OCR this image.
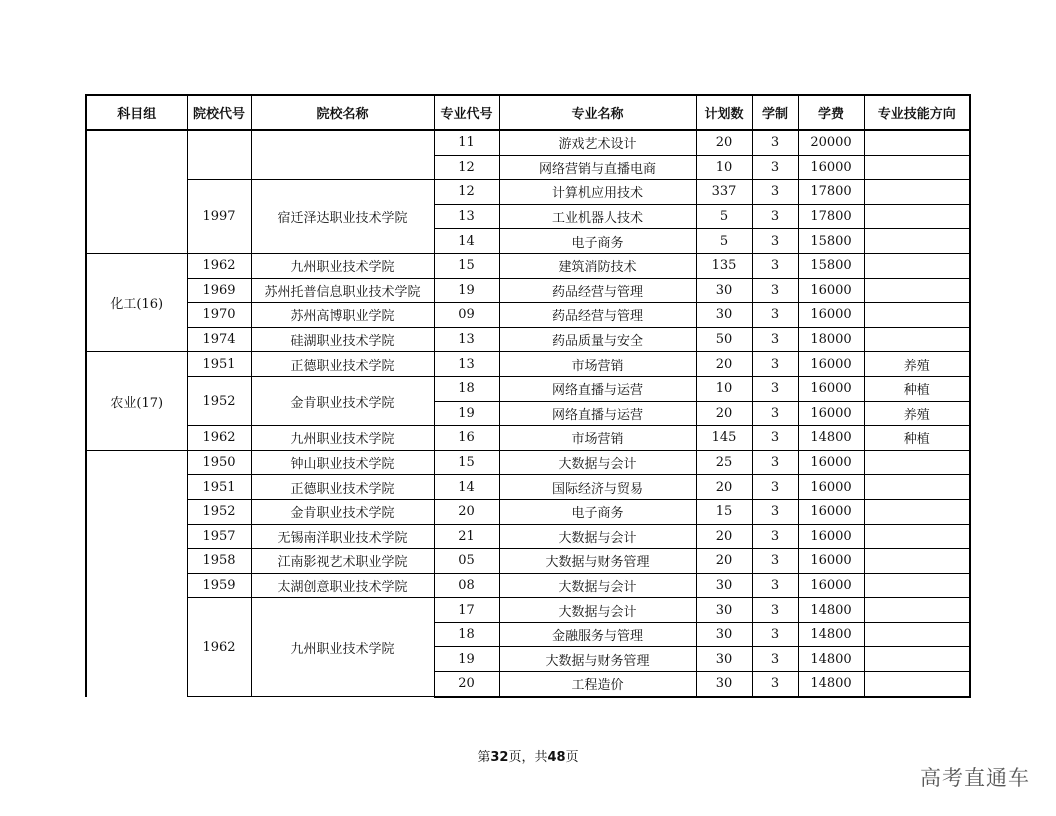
科目组	院校代号	院校名称	专业代号	专业名称	计划数	学制	学费	专业技能方向
			11	游戏艺术设计	20	3	20000	
			12	网络营销与直播电商	10	3	16000	
	1997	宿迁泽达职业技术学院	12	计算机应用技术	337	3	17800	
			13	工业机器人技术	5	3	17800	
			14	电子商务	5	3	15800	
化工(16)	1962	九州职业技术学院	15	建筑消防技术	135	3	15800	
	1969	苏州托普信息职业技术学院	19	药品经营与管理	30	3	16000	
	1970	苏州高博职业学院	09	药品经营与管理	30	3	16000	
	1974	硅湖职业技术学院	13	药品质量与安全	50	3	18000	
农业(17)	1951	正德职业技术学院	13	市场营销	20	3	16000	养殖
	1952	金肯职业技术学院	18	网络直播与运营	10	3	16000	种植
			19	网络直播与运营	20	3	16000	养殖
	1962	九州职业技术学院	16	市场营销	145	3	14800	种植
	1950	钟山职业技术学院	15	大数据与会计	25	3	16000	
	1951	正德职业技术学院	14	国际经济与贸易	20	3	16000	
	1952	金肯职业技术学院	20	电子商务	15	3	16000	
	1957	无锡南洋职业技术学院	21	大数据与会计	20	3	16000	
	1958	江南影视艺术职业学院	05	大数据与财务管理	20	3	16000	
	1959	太湖创意职业技术学院	08	大数据与会计	30	3	16000	
	1962	九州职业技术学院	17	大数据与会计	30	3	14800	
			18	金融服务与管理	30	3	14800	
			19	大数据与财务管理	30	3	14800	
			20	工程造价	30	3	14800	
第32页，共48页
高考直通车
